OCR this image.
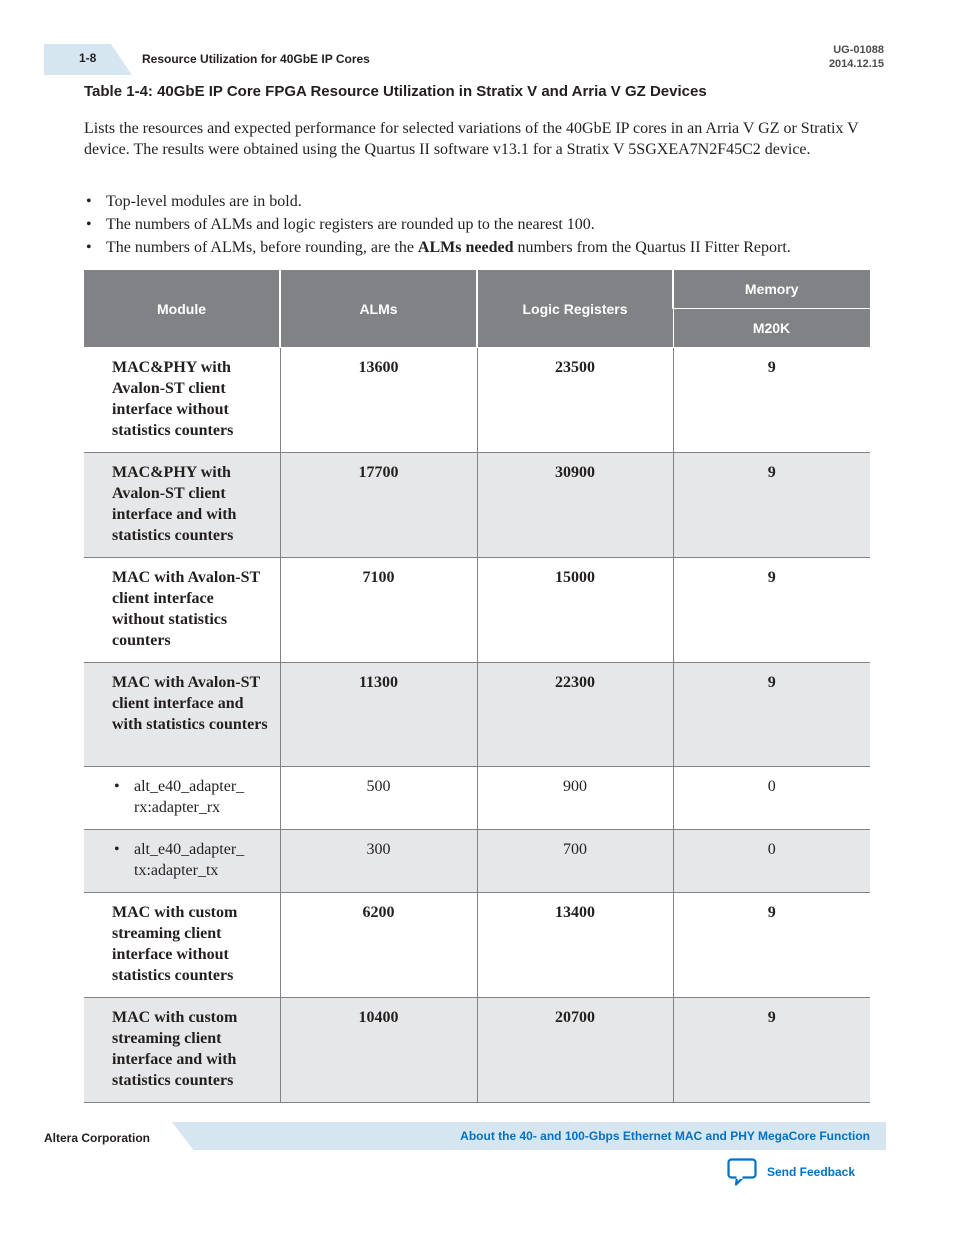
1-8	Resource Utilization for 40GbE IP Cores
UG-01088
2014.12.15
Table 1-4: 40GbE IP Core FPGA Resource Utilization in Stratix V and Arria V GZ Devices

Lists the resources and expected performance for selected variations of the 40GbE IP cores in an Arria V GZ or Stratix V device. The results were obtained using the Quartus II software v13.1 for a Stratix V 5SGXEA7N2F45C2 device.

• Top-level modules are in bold.
• The numbers of ALMs and logic registers are rounded up to the nearest 100.
• The numbers of ALMs, before rounding, are the ALMs needed numbers from the Quartus II Fitter Report.
Module	ALMs	Logic Registers	Memory
			M20K
MAC&PHY with Avalon-ST client interface without statistics counters	13600	23500	9
MAC&PHY with Avalon-ST client interface and with statistics counters	17700	30900	9
MAC with Avalon-ST client interface without statistics counters	7100	15000	9
MAC with Avalon-ST client interface and with statistics counters	11300	22300	9

• alt_e40_adapter_ rx:adapter_rx	500	900	0

• alt_e40_adapter_ tx:adapter_tx	300	700	0
MAC with custom streaming client interface without statistics counters	6200	13400	9
MAC with custom streaming client interface and with statistics counters	10400	20700	9
Altera Corporation	About the 40- and 100-Gbps Ethernet MAC and PHY MegaCore Function
Send Feedback
